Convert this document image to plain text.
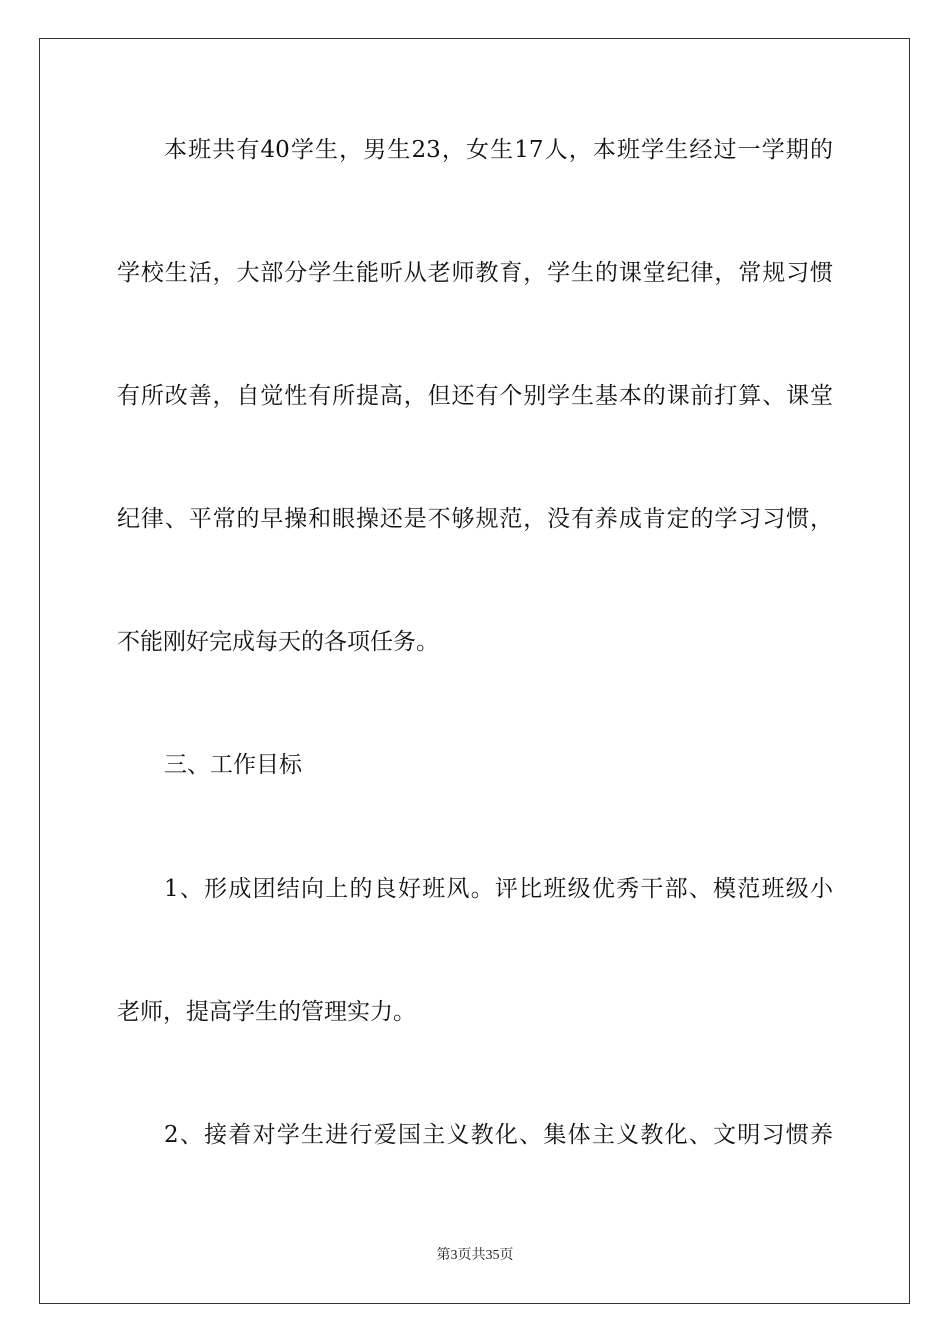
本班共有40学生，男生23，女生17人，本班学生经过一学期的
学校生活，大部分学生能听从老师教育，学生的课堂纪律，常规习惯
有所改善，自觉性有所提高，但还有个别学生基本的课前打算、课堂
纪律、平常的早操和眼操还是不够规范，没有养成肯定的学习习惯，
不能刚好完成每天的各项任务。
三、工作目标
1、形成团结向上的良好班风。评比班级优秀干部、模范班级小
老师，提高学生的管理实力。
2、接着对学生进行爱国主义教化、集体主义教化、文明习惯养
第3页共35页
